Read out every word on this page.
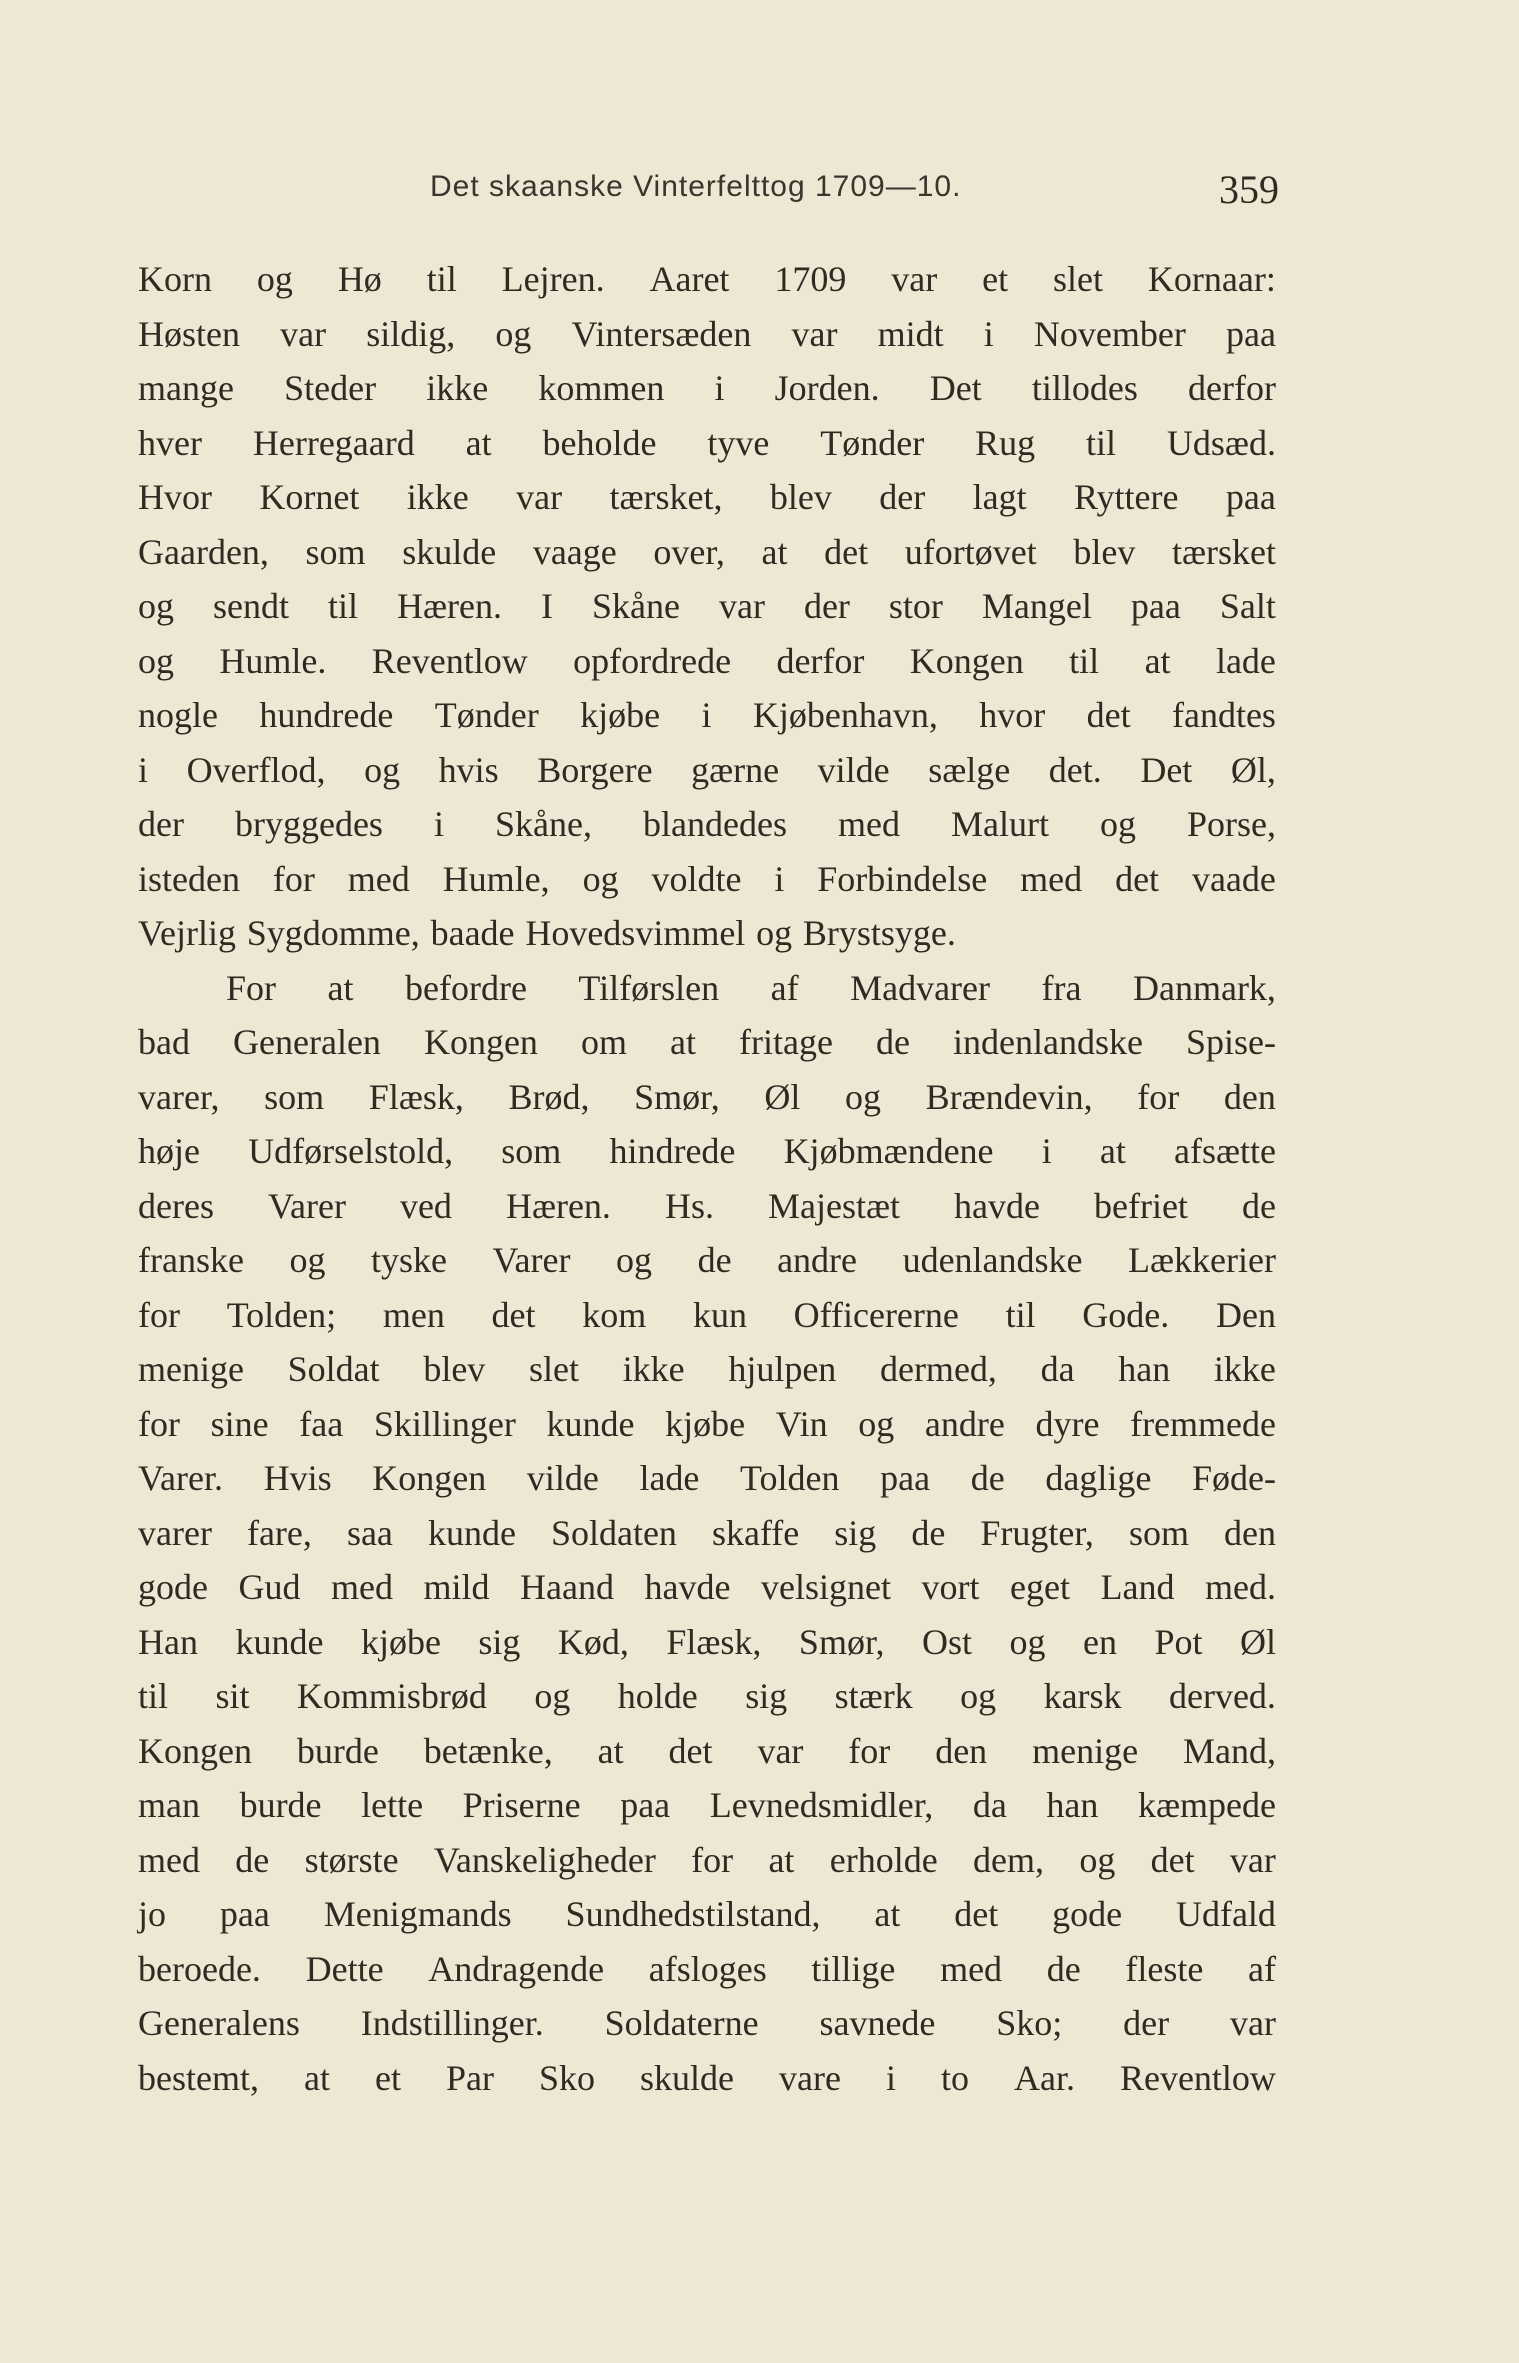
Det skaanske Vinterfelttog 1709—10.	359
Korn og Hø til Lejren. Aaret 1709 var et slet Kornaar:
Høsten var sildig, og Vintersæden var midt i November paa
mange Steder ikke kommen i Jorden. Det tillodes derfor
hver Herregaard at beholde tyve Tønder Rug til Udsæd.
Hvor Kornet ikke var tærsket, blev der lagt Ryttere paa
Gaarden, som skulde vaage over, at det ufortøvet blev tærsket
og sendt til Hæren. I Skåne var der stor Mangel paa Salt
og Humle. Reventlow opfordrede derfor Kongen til at lade
nogle hundrede Tønder kjøbe i Kjøbenhavn, hvor det fandtes
i Overflod, og hvis Borgere gærne vilde sælge det. Det Øl,
der bryggedes i Skåne, blandedes med Malurt og Porse,
isteden for med Humle, og voldte i Forbindelse med det vaade
Vejrlig Sygdomme, baade Hovedsvimmel og Brystsyge.
For at befordre Tilførslen af Madvarer fra Danmark,
bad Generalen Kongen om at fritage de indenlandske Spise-
varer, som Flæsk, Brød, Smør, Øl og Brændevin, for den
høje Udførselstold, som hindrede Kjøbmændene i at afsætte
deres Varer ved Hæren. Hs. Majestæt havde befriet de
franske og tyske Varer og de andre udenlandske Lækkerier
for Tolden; men det kom kun Officererne til Gode. Den
menige Soldat blev slet ikke hjulpen dermed, da han ikke
for sine faa Skillinger kunde kjøbe Vin og andre dyre fremmede
Varer. Hvis Kongen vilde lade Tolden paa de daglige Føde-
varer fare, saa kunde Soldaten skaffe sig de Frugter, som den
gode Gud med mild Haand havde velsignet vort eget Land med.
Han kunde kjøbe sig Kød, Flæsk, Smør, Ost og en Pot Øl
til sit Kommisbrød og holde sig stærk og karsk derved.
Kongen burde betænke, at det var for den menige Mand,
man burde lette Priserne paa Levnedsmidler, da han kæmpede
med de største Vanskeligheder for at erholde dem, og det var
jo paa Menigmands Sundhedstilstand, at det gode Udfald
beroede. Dette Andragende afsloges tillige med de fleste af
Generalens Indstillinger. Soldaterne savnede Sko; der var
bestemt, at et Par Sko skulde vare i to Aar. Reventlow
